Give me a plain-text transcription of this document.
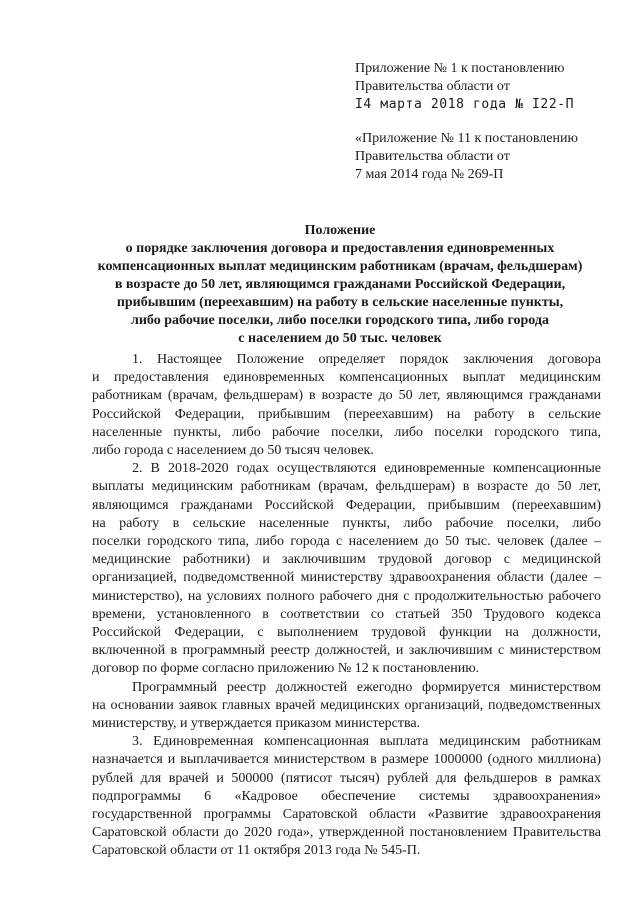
Приложение № 1 к постановлению
Правительства области от
I4 марта 2018 года № I22-П
«Приложение № 11 к постановлению
Правительства области от
7 мая 2014 года № 269-П
Положение
о порядке заключения договора и предоставления единовременных
компенсационных выплат медицинским работникам (врачам, фельдшерам)
в возрасте до 50 лет, являющимся гражданами Российской Федерации,
прибывшим (переехавшим) на работу в сельские населенные пункты,
либо рабочие поселки, либо поселки городского типа, либо города
с населением до 50 тыс. человек
1. Настоящее Положение определяет порядок заключения договора
и предоставления единовременных компенсационных выплат медицинским
работникам (врачам, фельдшерам) в возрасте до 50 лет, являющимся гражданами
Российской Федерации, прибывшим (переехавшим) на работу в сельские
населенные пункты, либо рабочие поселки, либо поселки городского типа,
либо города с населением до 50 тысяч человек.
2. В 2018-2020 годах осуществляются единовременные компенсационные
выплаты медицинским работникам (врачам, фельдшерам) в возрасте до 50 лет,
являющимся гражданами Российской Федерации, прибывшим (переехавшим)
на работу в сельские населенные пункты, либо рабочие поселки, либо
поселки городского типа, либо города с населением до 50 тыс. человек (далее –
медицинские работники) и заключившим трудовой договор с медицинской
организацией, подведомственной министерству здравоохранения области (далее –
министерство), на условиях полного рабочего дня с продолжительностью рабочего
времени, установленного в соответствии со статьей 350 Трудового кодекса
Российской Федерации, с выполнением трудовой функции на должности,
включенной в программный реестр должностей, и заключившим с министерством
договор по форме согласно приложению № 12 к постановлению.
Программный реестр должностей ежегодно формируется министерством
на основании заявок главных врачей медицинских организаций, подведомственных
министерству, и утверждается приказом министерства.
3. Единовременная компенсационная выплата медицинским работникам
назначается и выплачивается министерством в размере 1000000 (одного миллиона)
рублей для врачей и 500000 (пятисот тысяч) рублей для фельдшеров в рамках
подпрограммы 6 «Кадровое обеспечение системы здравоохранения»
государственной программы Саратовской области «Развитие здравоохранения
Саратовской области до 2020 года», утвержденной постановлением Правительства
Саратовской области от 11 октября 2013 года № 545-П.
